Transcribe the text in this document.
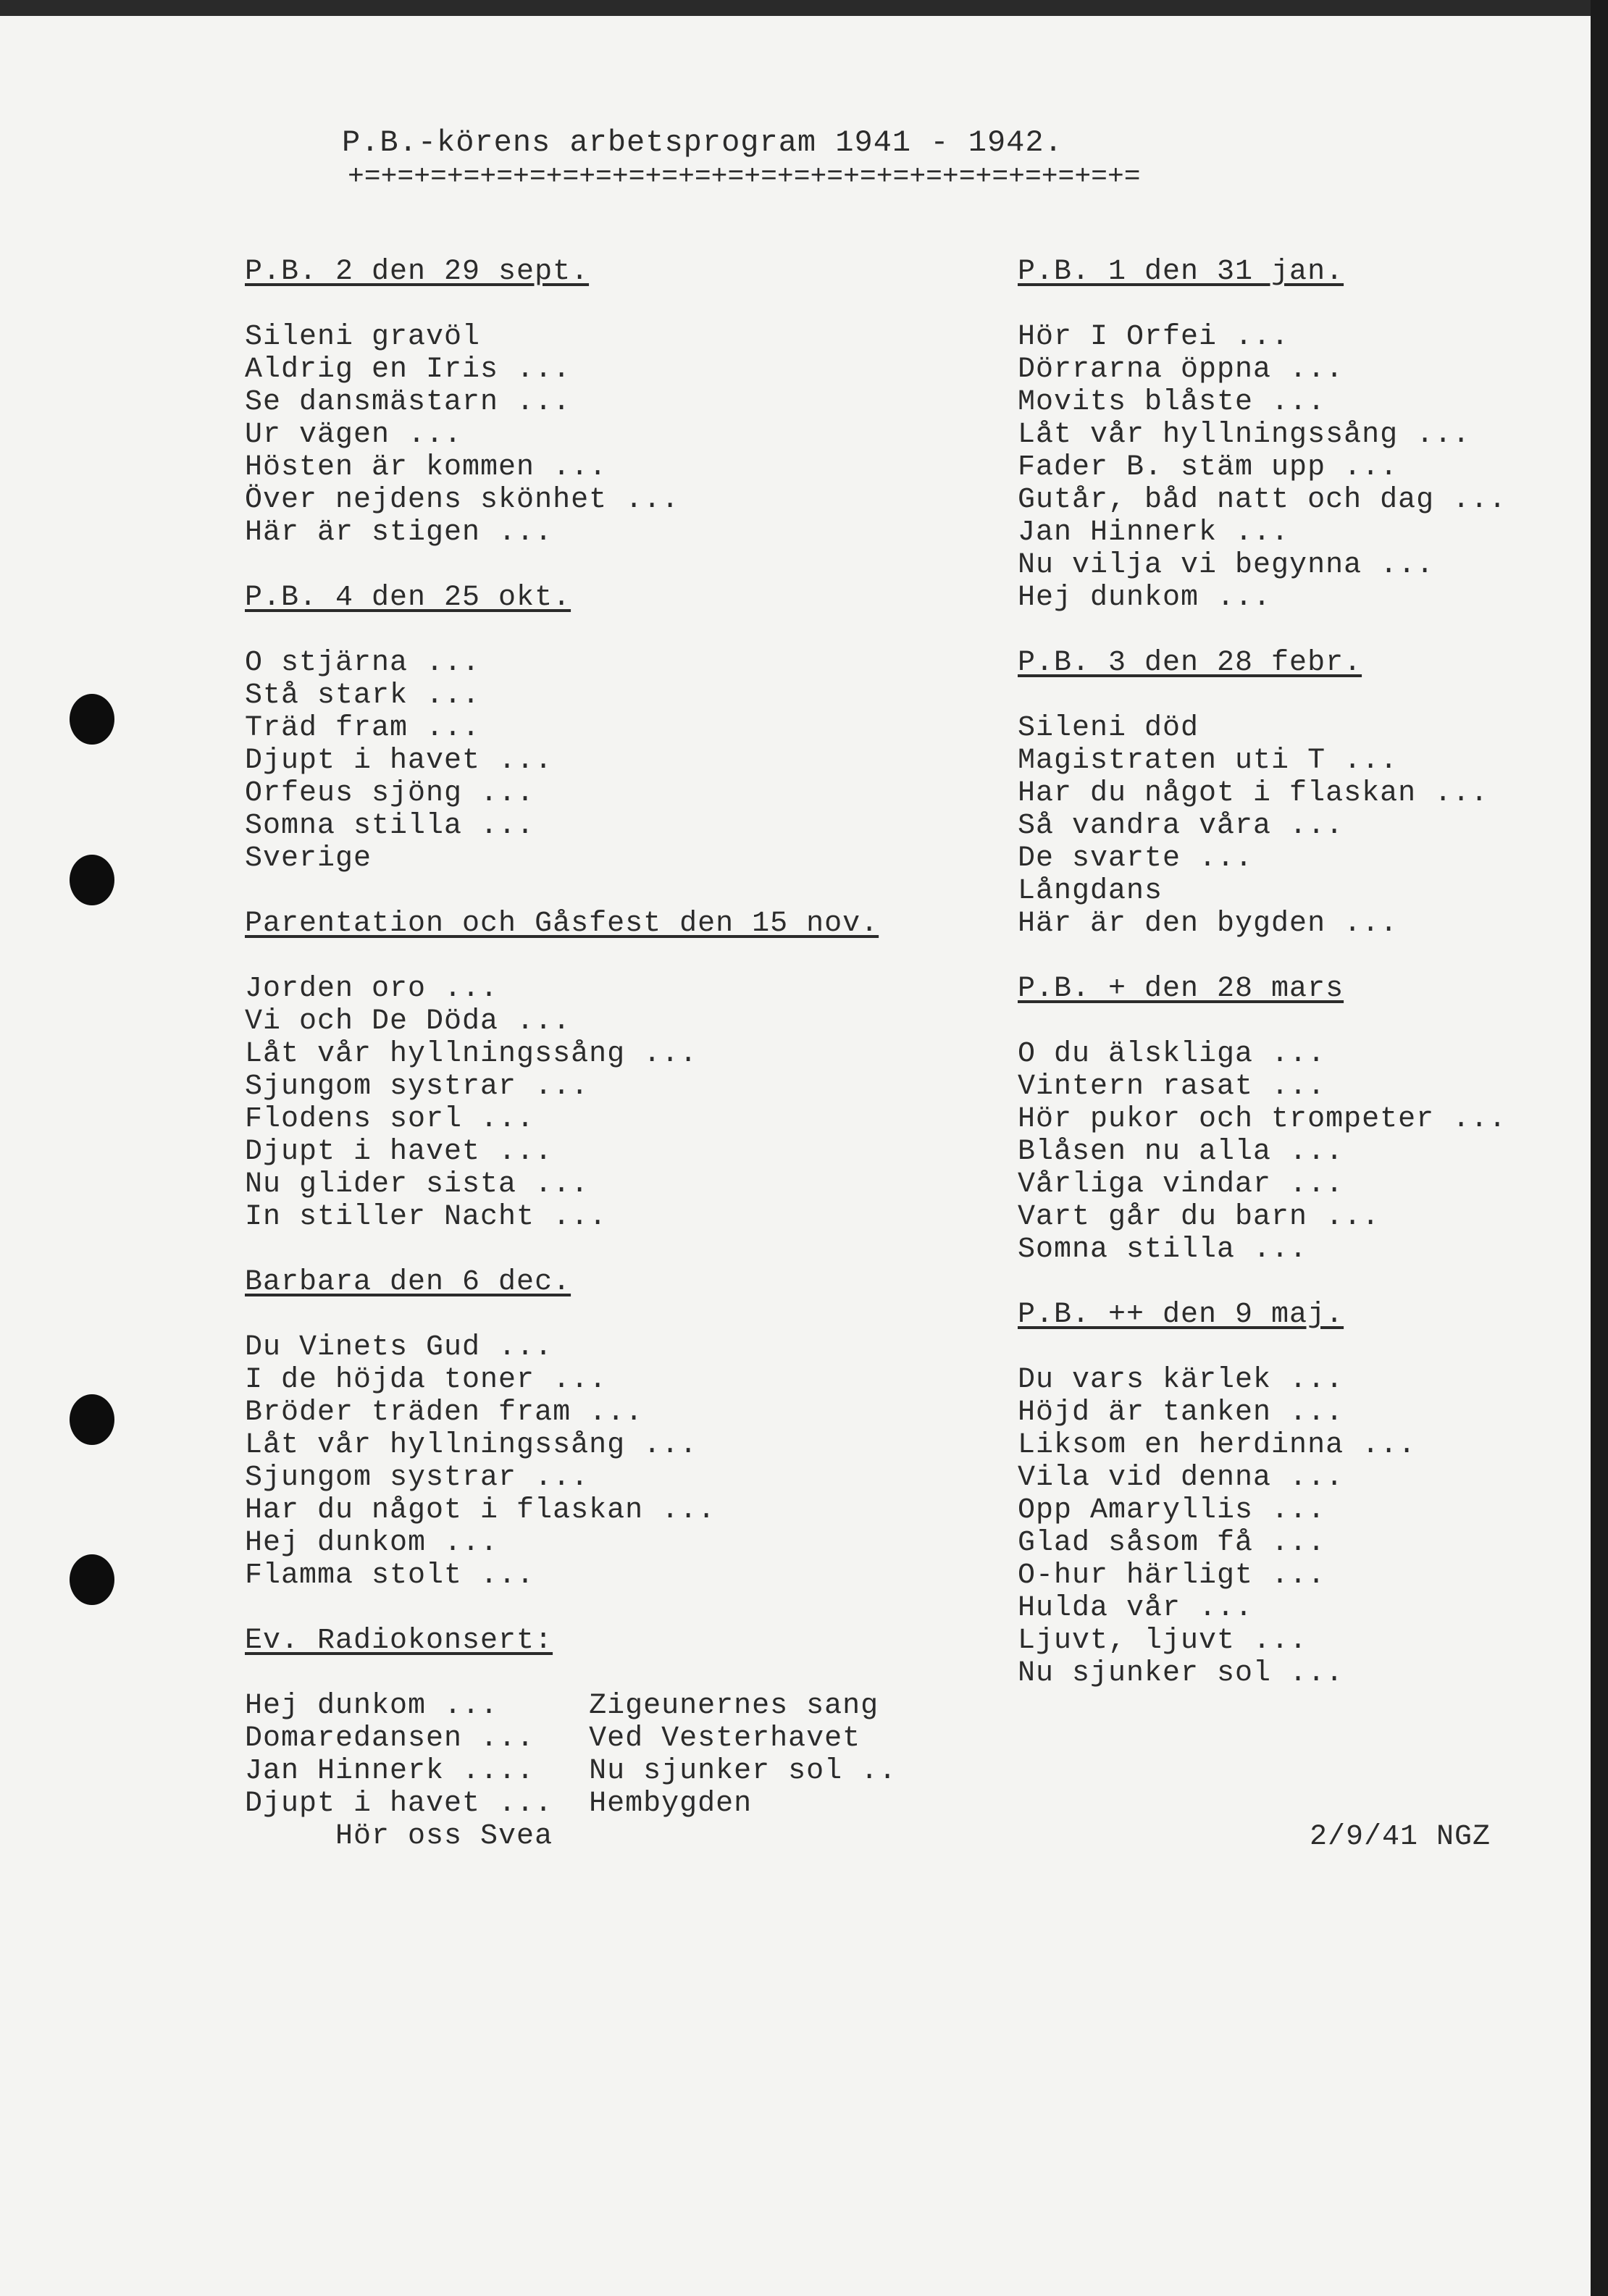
P.B.-körens arbetsprogram 1941 - 1942.
+=+=+=+=+=+=+=+=+=+=+=+=+=+=+=+=+=+=+=+=+=+=+=+=
P.B. 2 den 29 sept.
Sileni gravöl
Aldrig en Iris ...
Se dansmästarn ...
Ur vägen ...
Hösten är kommen ...
Över nejdens skönhet ...
Här är stigen ...
P.B. 4 den 25 okt.
O stjärna ...
Stå stark ...
Träd fram ...
Djupt i havet ...
Orfeus sjöng ...
Somna stilla ...
Sverige
Parentation och Gåsfest den 15 nov.
Jorden oro ...
Vi och De Döda ...
Låt vår hyllningssång ...
Sjungom systrar ...
Flodens sorl ...
Djupt i havet ...
Nu glider sista ...
In stiller Nacht ...
Barbara den 6 dec.
Du Vinets Gud ...
I de höjda toner ...
Bröder träden fram ...
Låt vår hyllningssång ...
Sjungom systrar ...
Har du något i flaskan ...
Hej dunkom ...
Flamma stolt ...
Ev. Radiokonsert:
Hej dunkom ...     Zigeunernes sang
Domaredansen ...   Ved Vesterhavet
Jan Hinnerk ....   Nu sjunker sol ..
Djupt i havet ...  Hembygden
Hör oss Svea
P.B. 1 den 31 jan.
Hör I Orfei ...
Dörrarna öppna ...
Movits blåste ...
Låt vår hyllningssång ...
Fader B. stäm upp ...
Gutår, båd natt och dag ...
Jan Hinnerk ...
Nu vilja vi begynna ...
Hej dunkom ...
P.B. 3 den 28 febr.
Sileni död
Magistraten uti T ...
Har du något i flaskan ...
Så vandra våra ...
De svarte ...
Långdans
Här är den bygden ...
P.B. + den 28 mars
O du älskliga ...
Vintern rasat ...
Hör pukor och trompeter ...
Blåsen nu alla ...
Vårliga vindar ...
Vart går du barn ...
Somna stilla ...
P.B. ++ den 9 maj.
Du vars kärlek ...
Höjd är tanken ...
Liksom en herdinna ...
Vila vid denna ...
Opp Amaryllis ...
Glad såsom få ...
O-hur härligt ...
Hulda vår ...
Ljuvt, ljuvt ...
Nu sjunker sol ...
2/9/41 NGZ
